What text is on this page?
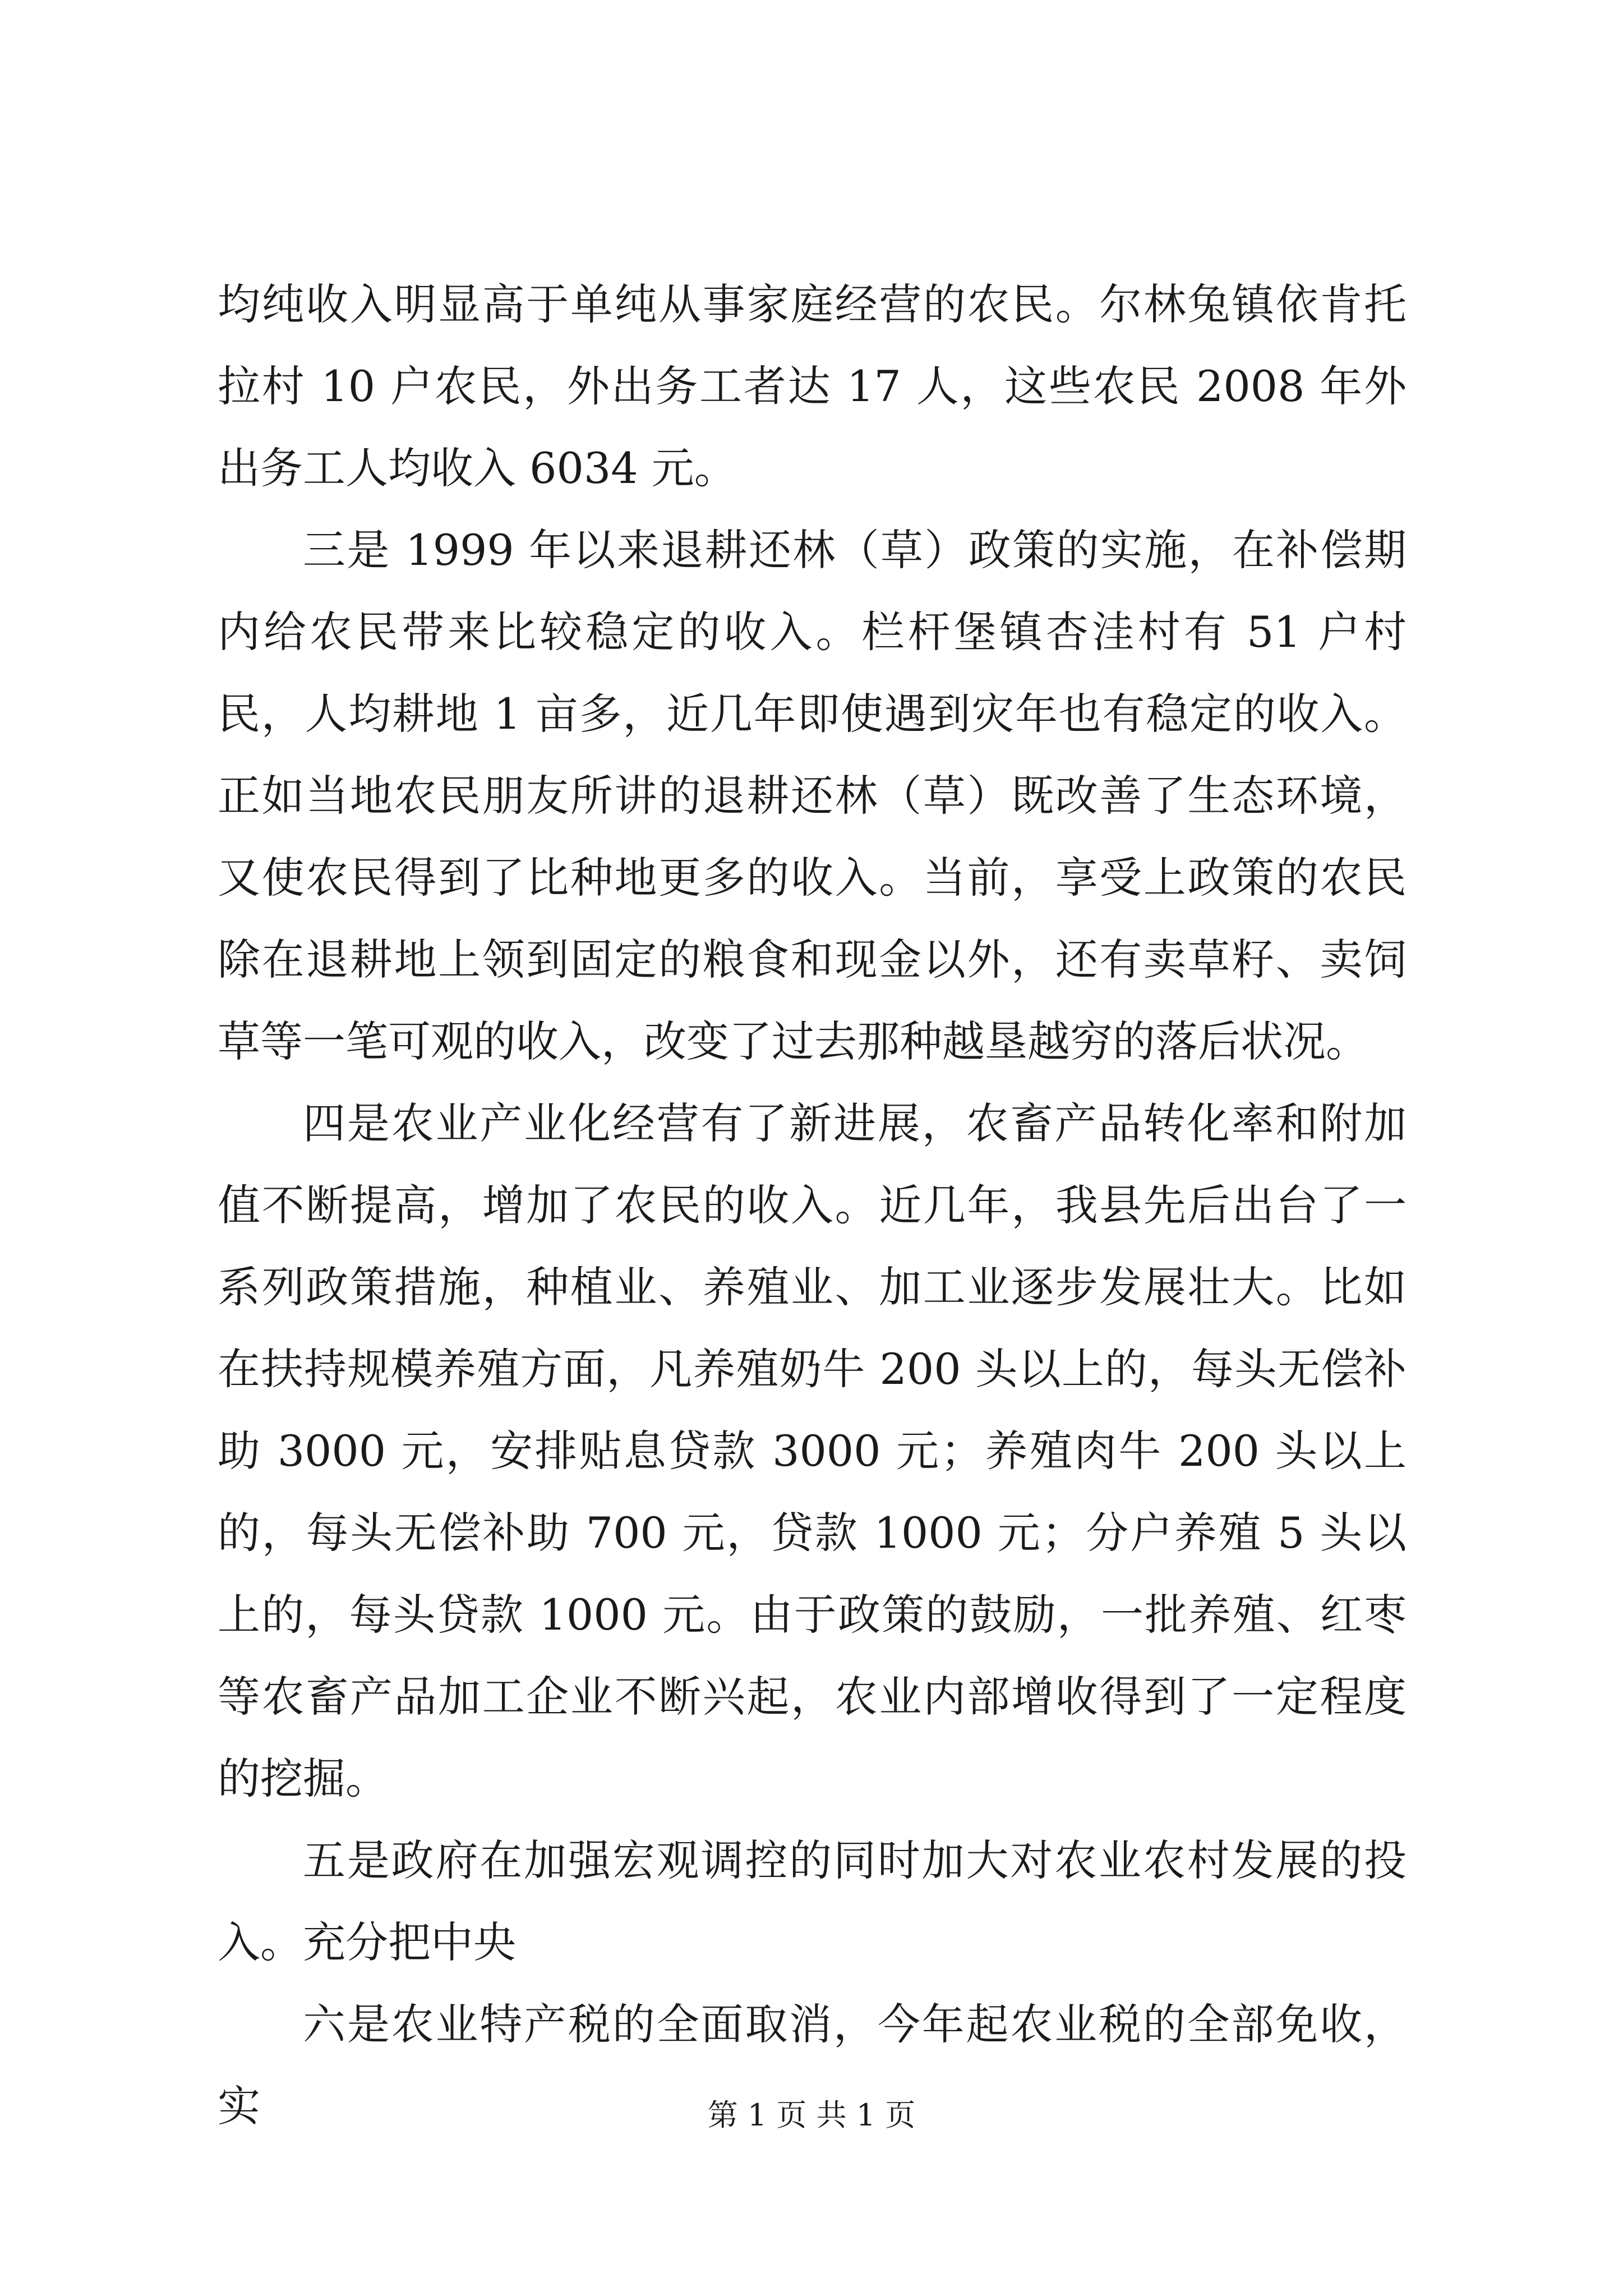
均纯收入明显高于单纯从事家庭经营的农民。尔林兔镇依肯托拉村 10 户农民，外出务工者达 17 人，这些农民 2008 年外出务工人均收入 6034 元。

三是 1999 年以来退耕还林（草）政策的实施，在补偿期内给农民带来比较稳定的收入。栏杆堡镇杏洼村有 51 户村民，人均耕地 1 亩多，近几年即使遇到灾年也有稳定的收入。正如当地农民朋友所讲的退耕还林（草）既改善了生态环境，又使农民得到了比种地更多的收入。当前，享受上政策的农民除在退耕地上领到固定的粮食和现金以外，还有卖草籽、卖饲草等一笔可观的收入，改变了过去那种越垦越穷的落后状况。

四是农业产业化经营有了新进展，农畜产品转化率和附加值不断提高，增加了农民的收入。近几年，我县先后出台了一系列政策措施，种植业、养殖业、加工业逐步发展壮大。比如在扶持规模养殖方面，凡养殖奶牛 200 头以上的，每头无偿补助 3000 元，安排贴息贷款 3000 元；养殖肉牛 200 头以上的，每头无偿补助 700 元，贷款 1000 元；分户养殖 5 头以上的，每头贷款 1000 元。由于政策的鼓励，一批养殖、红枣等农畜产品加工企业不断兴起，农业内部增收得到了一定程度的挖掘。

五是政府在加强宏观调控的同时加大对农业农村发展的投入。充分把中央

六是农业特产税的全面取消，今年起农业税的全部免收，实	第 1 页 共 1 页
